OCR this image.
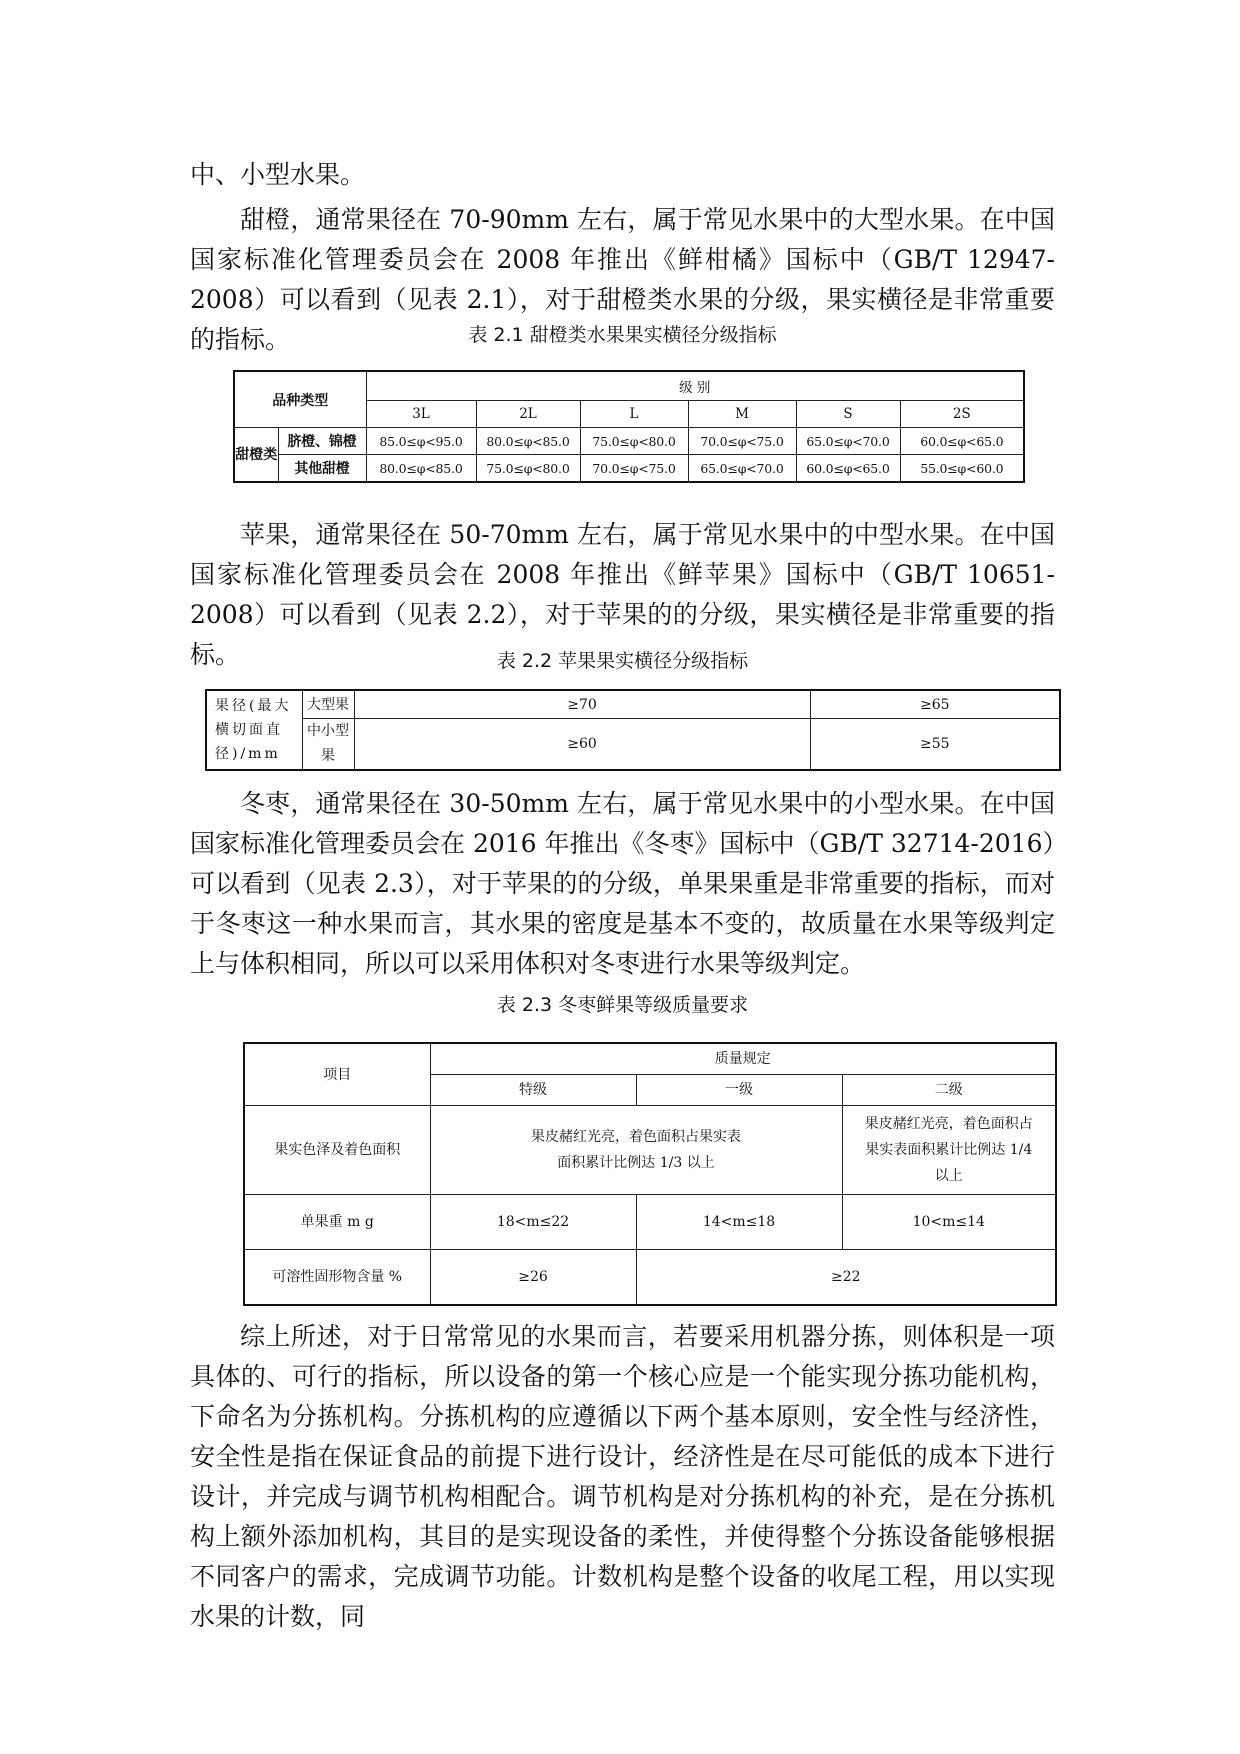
中、小型水果。

甜橙，通常果径在 70-90mm 左右，属于常见水果中的大型水果。在中国国家标准化管理委员会在 2008 年推出《鲜柑橘》国标中（GB/T 12947-2008）可以看到（见表 2.1），对于甜橙类水果的分级，果实横径是非常重要的指标。	表 2.1 甜橙类水果果实横径分级指标
品种类型		级 别					
		3L	2L	L	M	S	2S
甜橙类	脐橙、锦橙	85.0≤φ<95.0	80.0≤φ<85.0	75.0≤φ<80.0	70.0≤φ<75.0	65.0≤φ<70.0	60.0≤φ<65.0
	其他甜橙	80.0≤φ<85.0	75.0≤φ<80.0	70.0≤φ<75.0	65.0≤φ<70.0	60.0≤φ<65.0	55.0≤φ<60.0

苹果，通常果径在 50-70mm 左右，属于常见水果中的中型水果。在中国国家标准化管理委员会在 2008 年推出《鲜苹果》国标中（GB/T 10651-2008）可以看到（见表 2.2），对于苹果的的分级，果实横径是非常重要的指标。	表 2.2 苹果果实横径分级指标
果径(最大横切面直径)/mm	大型果	≥70	≥65
	中小型果	≥60	≥55

冬枣，通常果径在 30-50mm 左右，属于常见水果中的小型水果。在中国国家标准化管理委员会在 2016 年推出《冬枣》国标中（GB/T 32714-2016）可以看到（见表 2.3），对于苹果的的分级，单果果重是非常重要的指标，而对于冬枣这一种水果而言，其水果的密度是基本不变的，故质量在水果等级判定上与体积相同，所以可以采用体积对冬枣进行水果等级判定。

表 2.3 冬枣鲜果等级质量要求
项目	质量规定		
	特级	一级	二级
果实色泽及着色面积	果皮赭红光亮，着色面积占果实表面积累计比例达 1/3 以上		果皮赭红光亮，着色面积占果实表面积累计比例达 1/4 以上
单果重 m g	18<m≤22	14<m≤18	10<m≤14
可溶性固形物含量 %	≥26	≥22	

综上所述，对于日常常见的水果而言，若要采用机器分拣，则体积是一项具体的、可行的指标，所以设备的第一个核心应是一个能实现分拣功能机构，下命名为分拣机构。分拣机构的应遵循以下两个基本原则，安全性与经济性，安全性是指在保证食品的前提下进行设计，经济性是在尽可能低的成本下进行设计，并完成与调节机构相配合。调节机构是对分拣机构的补充，是在分拣机构上额外添加机构，其目的是实现设备的柔性，并使得整个分拣设备能够根据不同客户的需求，完成调节功能。计数机构是整个设备的收尾工程，用以实现水果的计数，同
